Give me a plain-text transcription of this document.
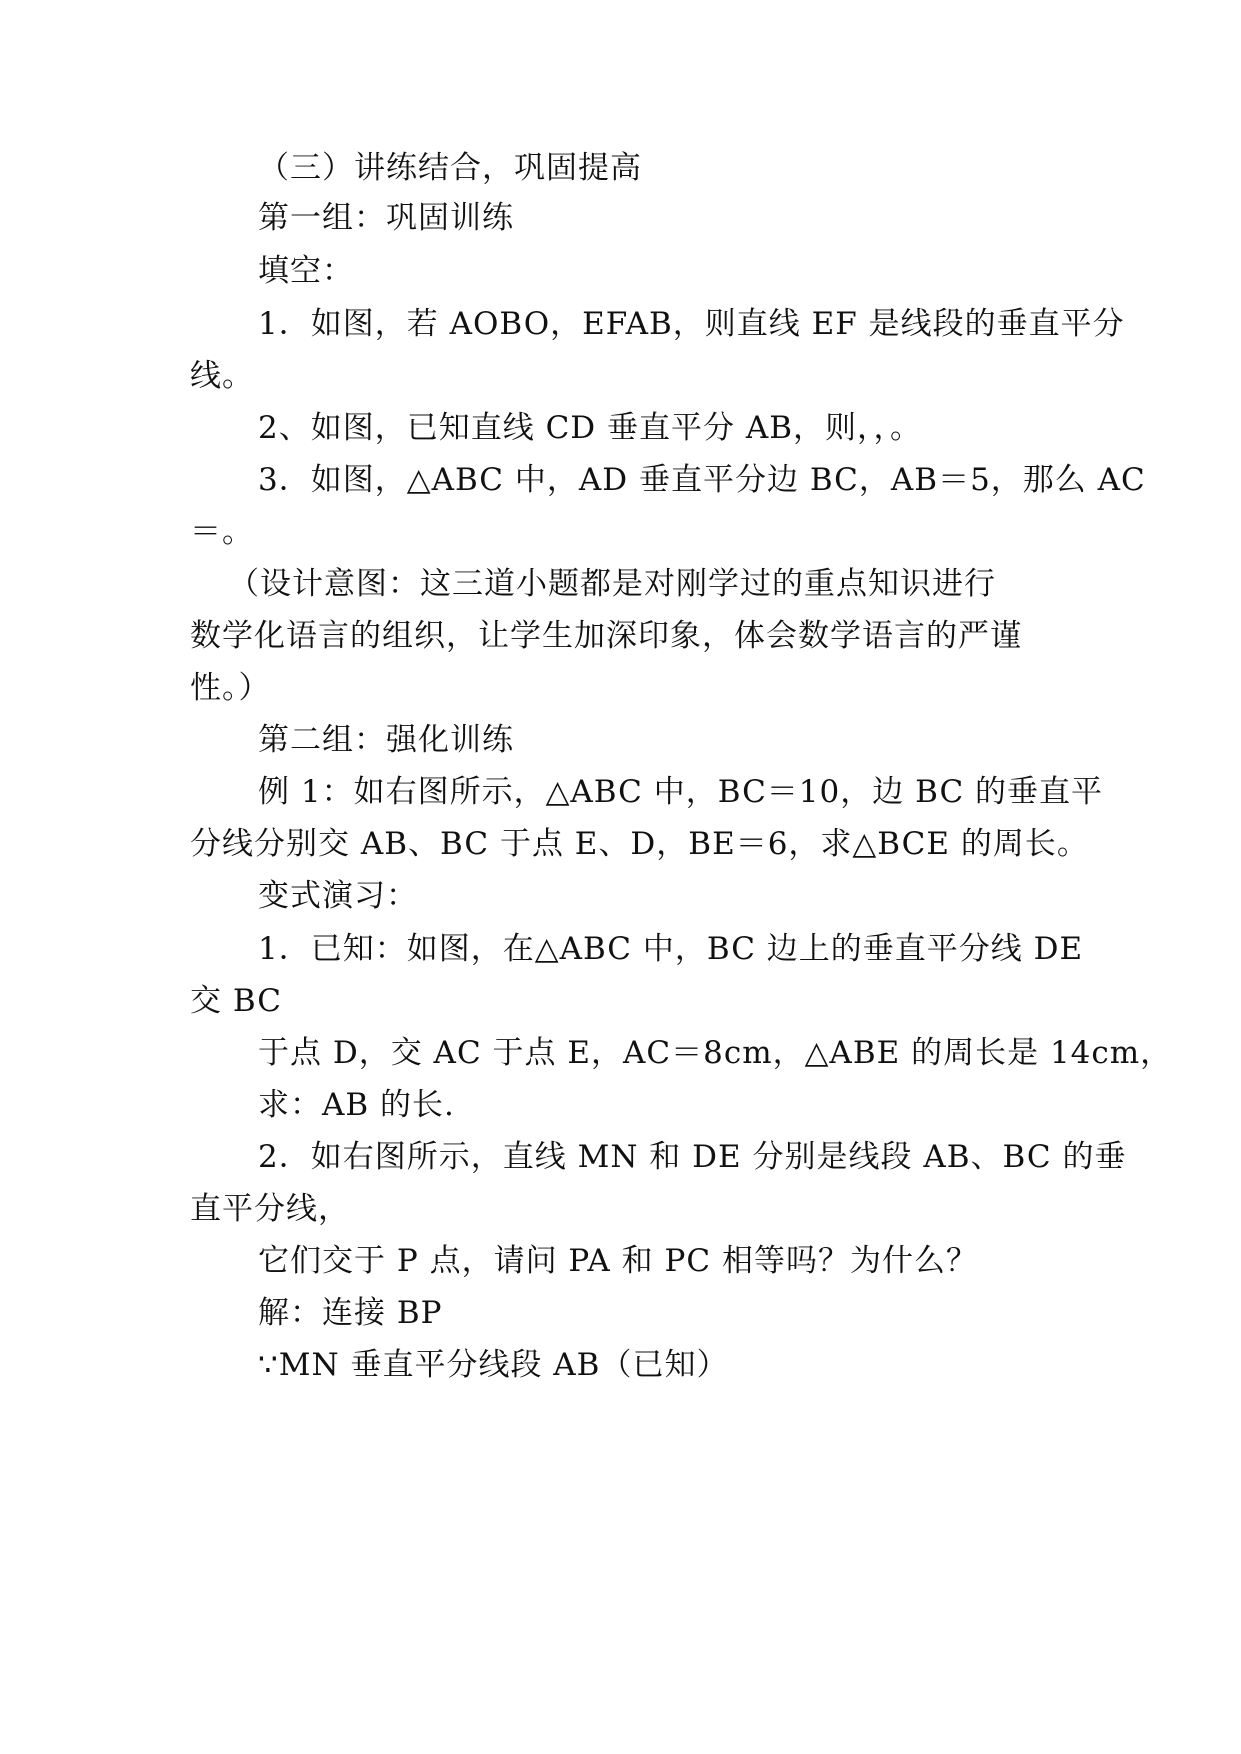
（三）讲练结合，巩固提高
第一组：巩固训练
填空：
1．如图，若 AOBO，EFAB，则直线 EF 是线段的垂直平分
线。
2、如图，已知直线 CD 垂直平分 AB，则，，。
3．如图，△ABC 中，AD 垂直平分边 BC，AB＝5，那么 AC
＝。
（设计意图：这三道小题都是对刚学过的重点知识进行
数学化语言的组织，让学生加深印象，体会数学语言的严谨
性。）
第二组：强化训练
例 1：如右图所示，△ABC 中，BC＝10，边 BC 的垂直平
分线分别交 AB、BC 于点 E、D，BE＝6，求△BCE 的周长。
变式演习：
1．已知：如图，在△ABC 中，BC 边上的垂直平分线 DE
交 BC
于点 D，交 AC 于点 E，AC＝8cm，△ABE 的周长是 14cm，
求：AB 的长.
2．如右图所示，直线 MN 和 DE 分别是线段 AB、BC 的垂
直平分线，
它们交于 P 点，请问 PA 和 PC 相等吗？为什么？
解：连接 BP
∵MN 垂直平分线段 AB（已知）
